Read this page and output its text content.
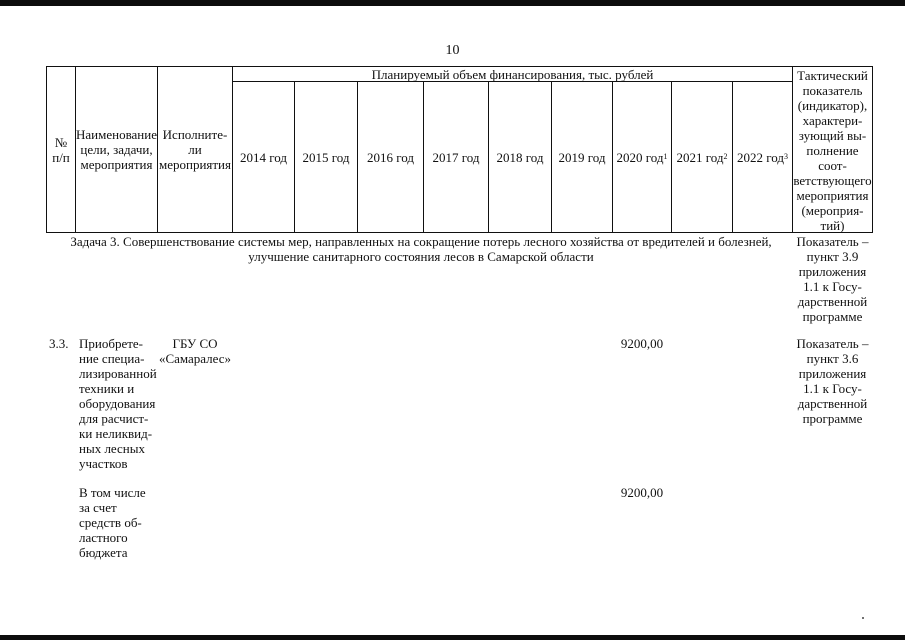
10
№
п/п
Наименование
цели, задачи,
мероприятия
Исполните-
ли
мероприятия
Планируемый объем финансирования, тыс. рублей
2014 год 2015 год 2016 год 2017 год 2018 год 2019 год 2020 год 1 2021 год 2 2022 год 3
Тактический
показатель
(индикатор),
характери-
зующий вы-
полнение
соот-
ветствующего
мероприятия
(мероприя-
тий)
Задача 3. Совершенствование системы мер, направленных на сокращение потерь лесного хозяйства от вредителей и болезней,
улучшение санитарного состояния лесов в Самарской области
Показатель –
пункт 3.9
приложения
1.1 к Госу-
дарственной
программе
3.3. Приобрете-
ние специа-
лизированной
техники и
оборудования
для расчист-
ки неликвид-
ных лесных
участков
ГБУ СО
«Самаралес»
9200,00	Показатель –
пункт 3.6
приложения
1.1 к Госу-
дарственной
программе
В том числе
за счет
средств об-
ластного
бюджета
9200,00
